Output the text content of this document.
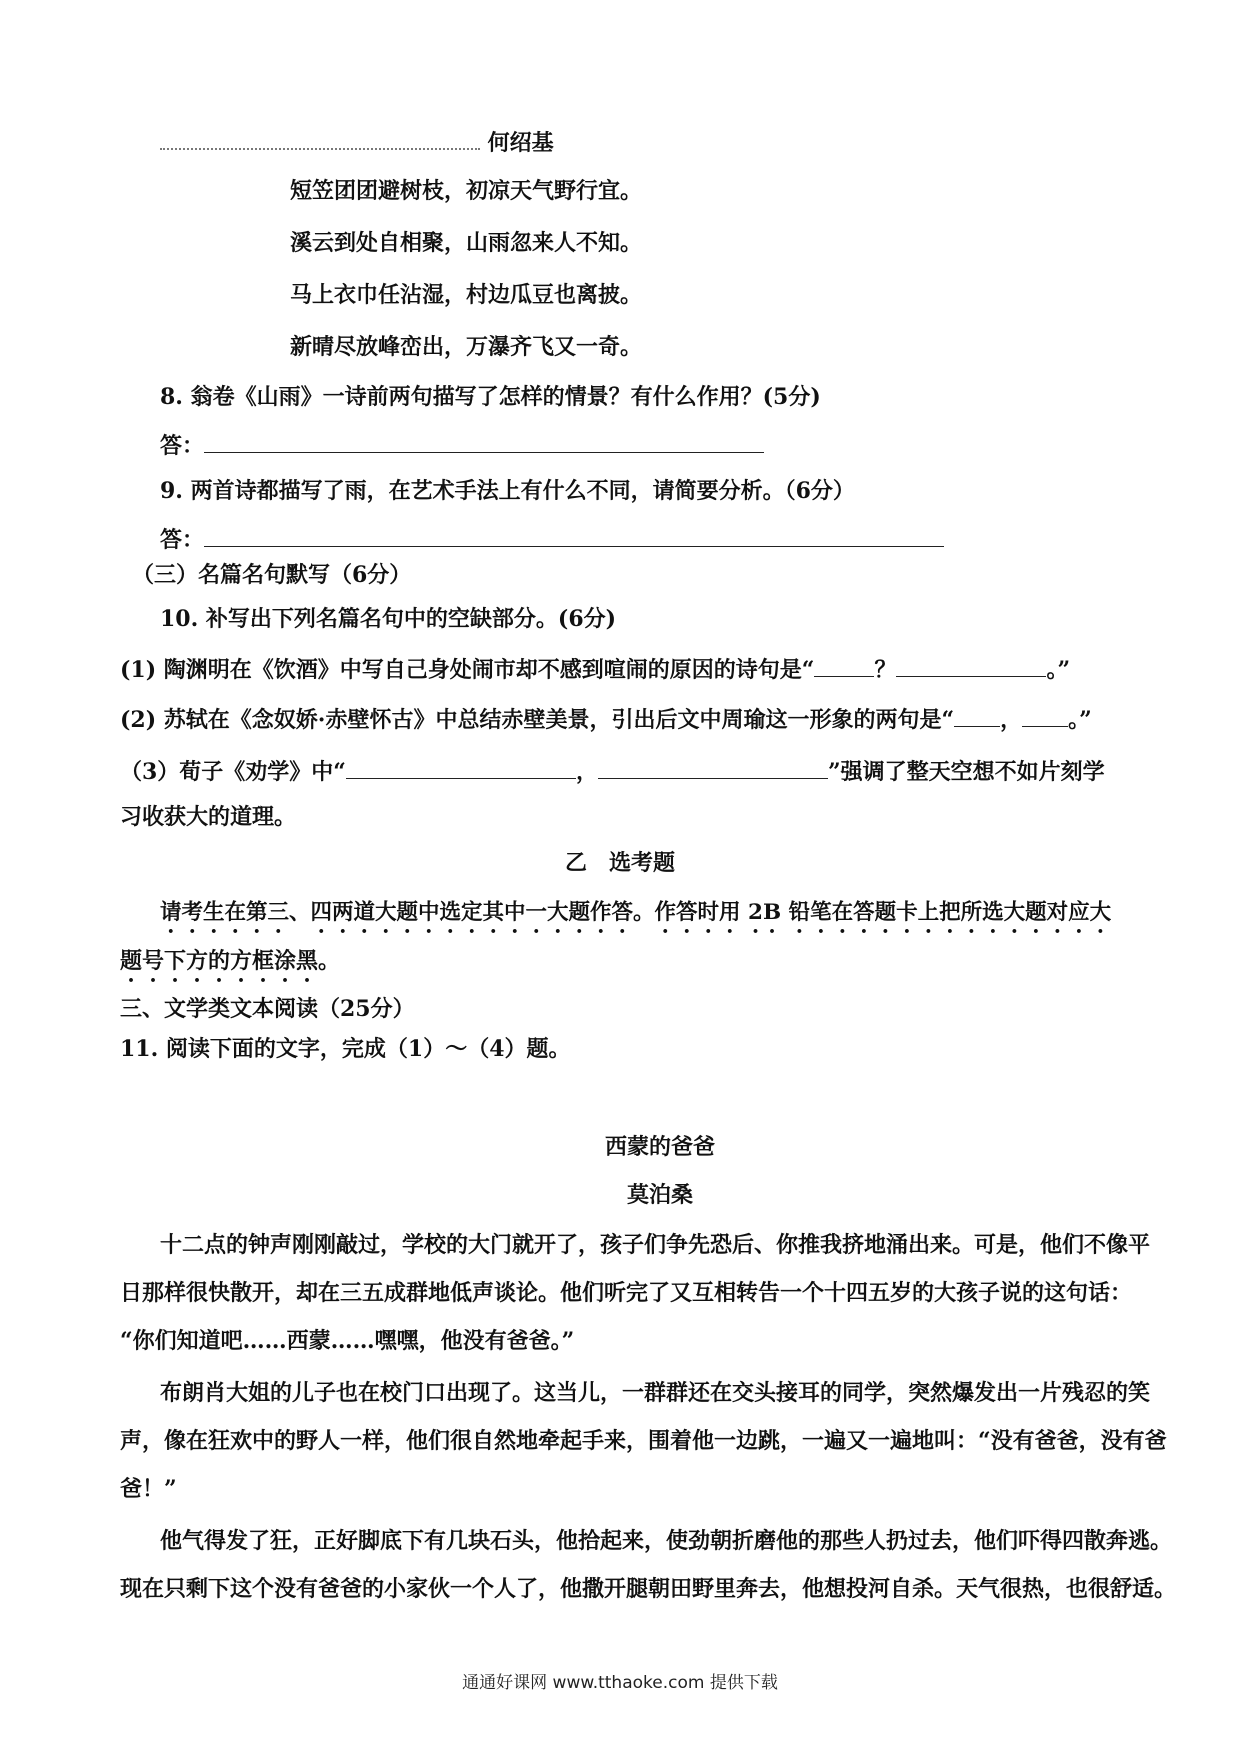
何绍基
短笠团团避树枝，初凉天气野行宜。
溪云到处自相聚，山雨忽来人不知。
马上衣巾任沾湿，村边瓜豆也离披。
新晴尽放峰峦出，万瀑齐飞又一奇。
8. 翁卷《山雨》一诗前两句描写了怎样的情景？有什么作用？(5分)
答：
9. 两首诗都描写了雨，在艺术手法上有什么不同，请简要分析。（6分）
答：
（三）名篇名句默写（6分）
10. 补写出下列名篇名句中的空缺部分。(6分)
(1) 陶渊明在《饮酒》中写自己身处闹市却不感到喧闹的原因的诗句是“	？	。”
(2) 苏轼在《念奴娇·赤壁怀古》中总结赤壁美景，引出后文中周瑜这一形象的两句是“ ， 。”
（3）荀子《劝学》中“	，	”强调了整天空想不如片刻学
习收获大的道理。
乙　选考题
请考生在第三、四两道大题中选定其中一大题作答。作答时用 2B 铅笔在答题卡上把所选大题对应大
题号下方的方框涂黑。
三、文学类文本阅读（25分）
11. 阅读下面的文字，完成（1）～（4）题。
西蒙的爸爸
莫泊桑
十二点的钟声刚刚敲过，学校的大门就开了，孩子们争先恐后、你推我挤地涌出来。可是，他们不像平
日那样很快散开，却在三五成群地低声谈论。他们听完了又互相转告一个十四五岁的大孩子说的这句话：
“你们知道吧……西蒙……嘿嘿，他没有爸爸。”
布朗肖大姐的儿子也在校门口出现了。这当儿，一群群还在交头接耳的同学，突然爆发出一片残忍的笑
声，像在狂欢中的野人一样，他们很自然地牵起手来，围着他一边跳，一遍又一遍地叫：“没有爸爸，没有爸
爸！”
他气得发了狂，正好脚底下有几块石头，他拾起来，使劲朝折磨他的那些人扔过去，他们吓得四散奔逃。
现在只剩下这个没有爸爸的小家伙一个人了，他撒开腿朝田野里奔去，他想投河自杀。天气很热，也很舒适。
通通好课网 www.tthaoke.com 提供下载
